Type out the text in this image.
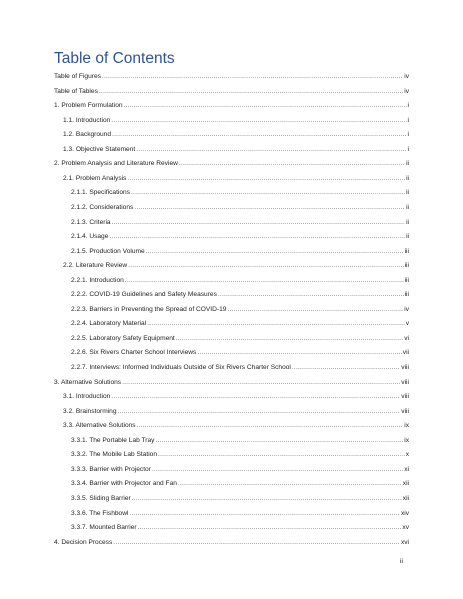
Table of Contents
Table of Figures .....	iv
Table of Tables .....	iv
1. Problem Formulation .....	i
1.1. Introduction .....	i
1.2. Background .....	i
1.3. Objective Statement .....	i
2. Problem Analysis and Literature Review .....	ii
2.1. Problem Analysis .....	ii
2.1.1. Specifications .....	ii
2.1.2. Considerations .....	ii
2.1.3. Criteria .....	ii
2.1.4. Usage .....	ii
2.1.5. Production Volume .....	iii
2.2. Literature Review .....	iii
2.2.1. Introduction .....	iii
2.2.2. COVID-19 Guidelines and Safety Measures .....	iii
2.2.3. Barriers in Preventing the Spread of COVID-19 .....	iv
2.2.4. Laboratory Material .....	v
2.2.5. Laboratory Safety Equipment .....	vi
2.2.6. Six Rivers Charter School Interviews .....	vii
2.2.7. Interviews: Informed Individuals Outside of Six Rivers Charter School .....	viii
3. Alternative Solutions .....	viii
3.1. Introduction .....	viii
3.2. Brainstorming .....	viii
3.3. Alternative Solutions .....	ix
3.3.1. The Portable Lab Tray .....	ix
3.3.2. The Mobile Lab Station .....	x
3.3.3. Barrier with Projector .....	xi
3.3.4. Barrier with Projector and Fan .....	xii
3.3.5. Sliding Barrier .....	xii
3.3.6. The Fishbowl .....	xiv
3.3.7. Mounted Barrier .....	xv
4. Decision Process .....	xvi
ii
